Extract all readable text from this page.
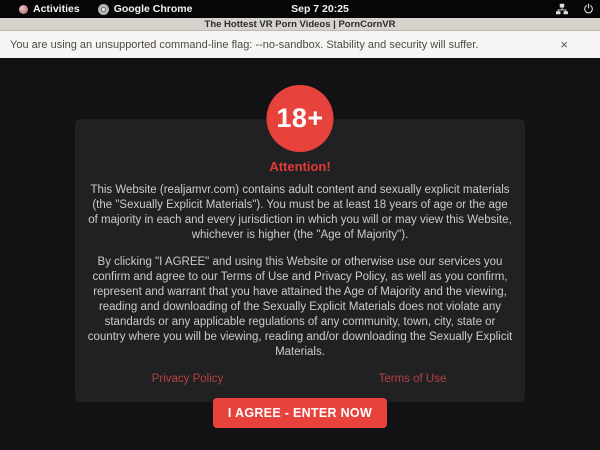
Activities	Google Chrome	Sep 7 20:25
The Hottest VR Porn Videos | PornCornVR
You are using an unsupported command-line flag: --no-sandbox. Stability and security will suffer.	×
18+
Attention!

This Website (realjamvr.com) contains adult content and sexually explicit materials (the "Sexually Explicit Materials"). You must be at least 18 years of age or the age of majority in each and every jurisdiction in which you will or may view this Website, whichever is higher (the "Age of Majority").

By clicking "I AGREE" and using this Website or otherwise use our services you confirm and agree to our Terms of Use and Privacy Policy, as well as you confirm, represent and warrant that you have attained the Age of Majority and the viewing, reading and downloading of the Sexually Explicit Materials does not violate any standards or any applicable regulations of any community, town, city, state or country where you will be viewing, reading and/or downloading the Sexually Explicit Materials.

Privacy Policy	Terms of Use
I AGREE - ENTER NOW
